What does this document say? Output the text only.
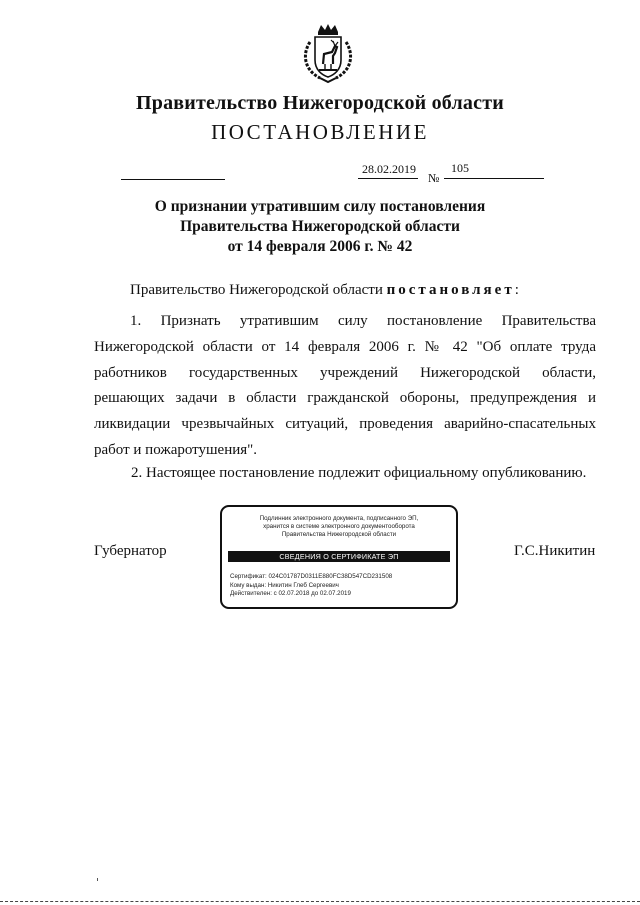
Правительство Нижегородской области
ПОСТАНОВЛЕНИЕ
28.02.2019
№
105
О признании утратившим силу постановления
Правительства Нижегородской области
от 14 февраля 2006 г. № 42
Правительство Нижегородской области постановляет:
1. Признать утратившим силу постановление Правительства Нижегородской области от 14 февраля 2006 г. № 42 "Об оплате труда работников государственных учреждений Нижегородской области, решающих задачи в области гражданской обороны, предупреждения и ликвидации чрезвычайных ситуаций, проведения аварийно-спасательных работ и пожаротушения".
2. Настоящее постановление подлежит официальному опубликованию.
Губернатор	Г.С.Никитин
Подлинник электронного документа, подписанного ЭП,
хранится в системе электронного документооборота
Правительства Нижегородской области
СВЕДЕНИЯ О СЕРТИФИКАТЕ ЭП
Сертификат: 024C01787D0311E880FC38D547CD231508
Кому выдан: Никитин Глеб Сергеевич
Действителен: с 02.07.2018 до 02.07.2019
